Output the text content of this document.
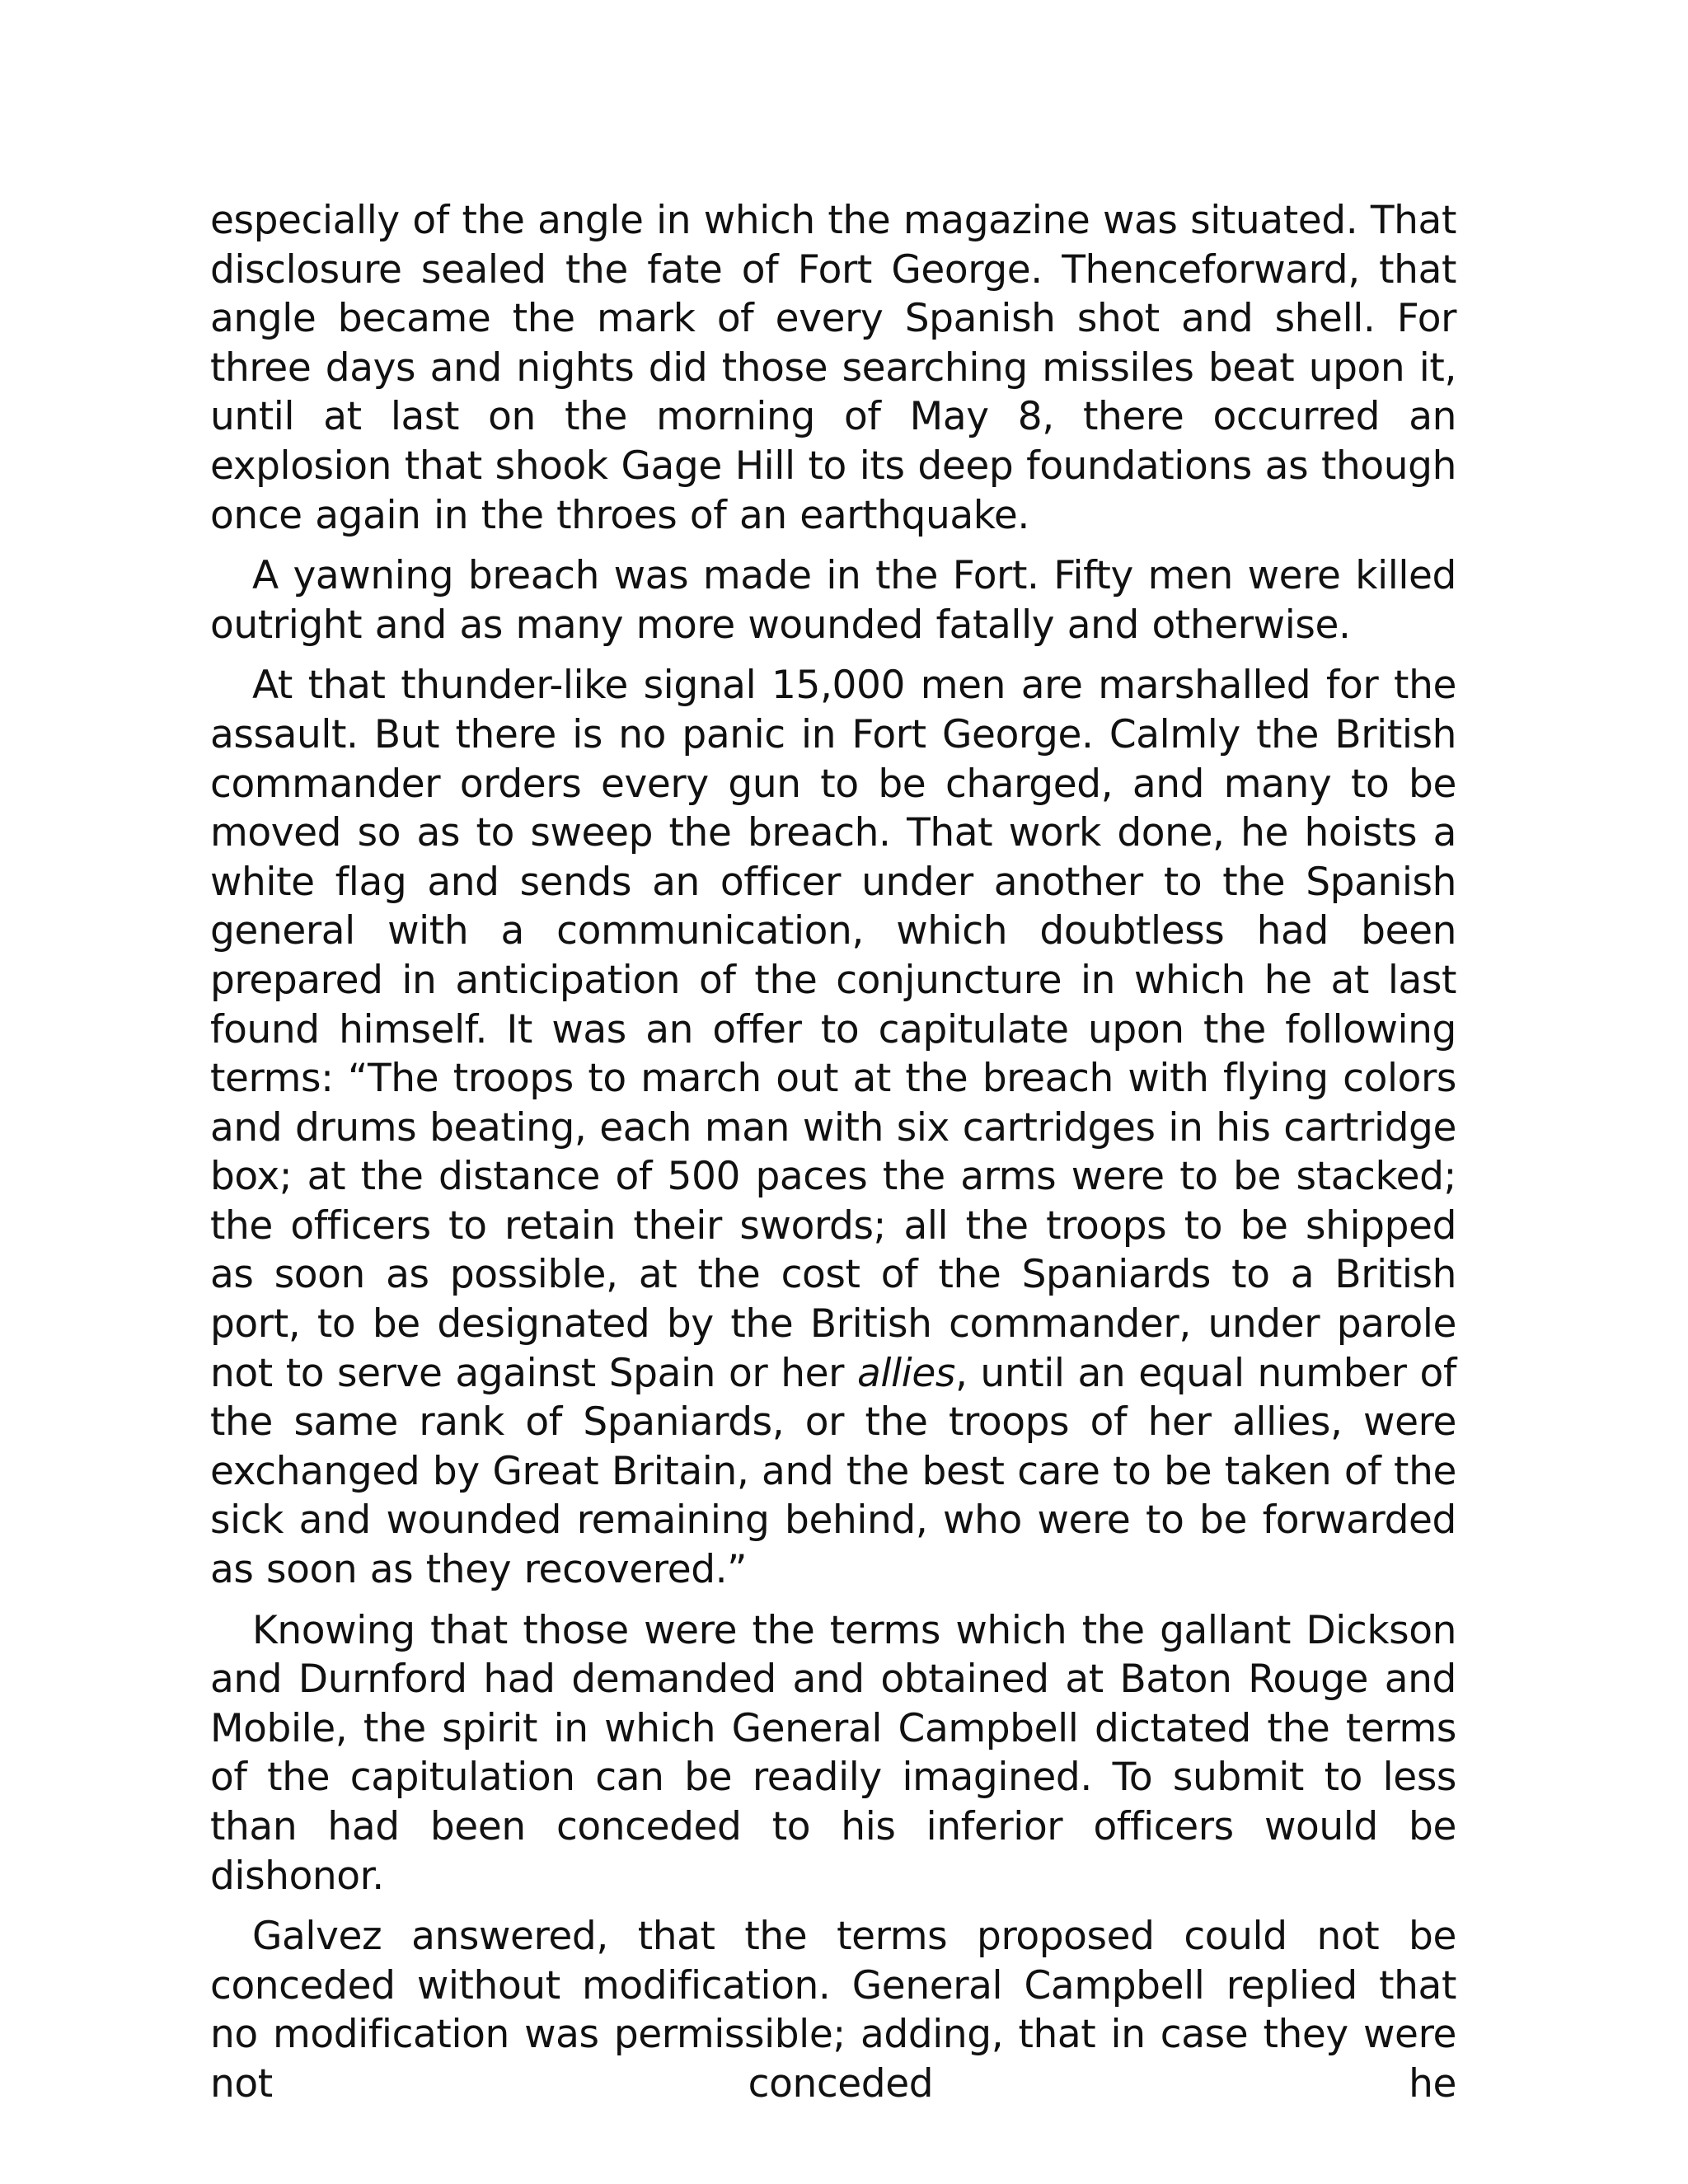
especially of the angle in which the magazine was situated. That disclosure sealed the fate of Fort George. Thenceforward, that angle became the mark of every Spanish shot and shell. For three days and nights did those searching missiles beat upon it, until at last on the morning of May 8, there occurred an explosion that shook Gage Hill to its deep foundations as though once again in the throes of an earthquake.

A yawning breach was made in the Fort. Fifty men were killed outright and as many more wounded fatally and otherwise.

At that thunder-like signal 15,000 men are marshalled for the assault. But there is no panic in Fort George. Calmly the British commander orders every gun to be charged, and many to be moved so as to sweep the breach. That work done, he hoists a white flag and sends an officer under another to the Spanish general with a communication, which doubtless had been prepared in anticipation of the conjuncture in which he at last found himself. It was an offer to capitulate upon the following terms: “The troops to march out at the breach with flying colors and drums beating, each man with six cartridges in his cartridge box; at the distance of 500 paces the arms were to be stacked; the officers to retain their swords; all the troops to be shipped as soon as possible, at the cost of the Spaniards to a British port, to be designated by the British commander, under parole not to serve against Spain or her allies, until an equal number of the same rank of Spaniards, or the troops of her allies, were exchanged by Great Britain, and the best care to be taken of the sick and wounded remaining behind, who were to be forwarded as soon as they recovered.”

Knowing that those were the terms which the gallant Dickson and Durnford had demanded and obtained at Baton Rouge and Mobile, the spirit in which General Campbell dictated the terms of the capitulation can be readily imagined. To submit to less than had been conceded to his inferior officers would be dishonor.

Galvez answered, that the terms proposed could not be conceded without modification. General Campbell replied that no modification was permissible; adding, that in case they were not conceded he
